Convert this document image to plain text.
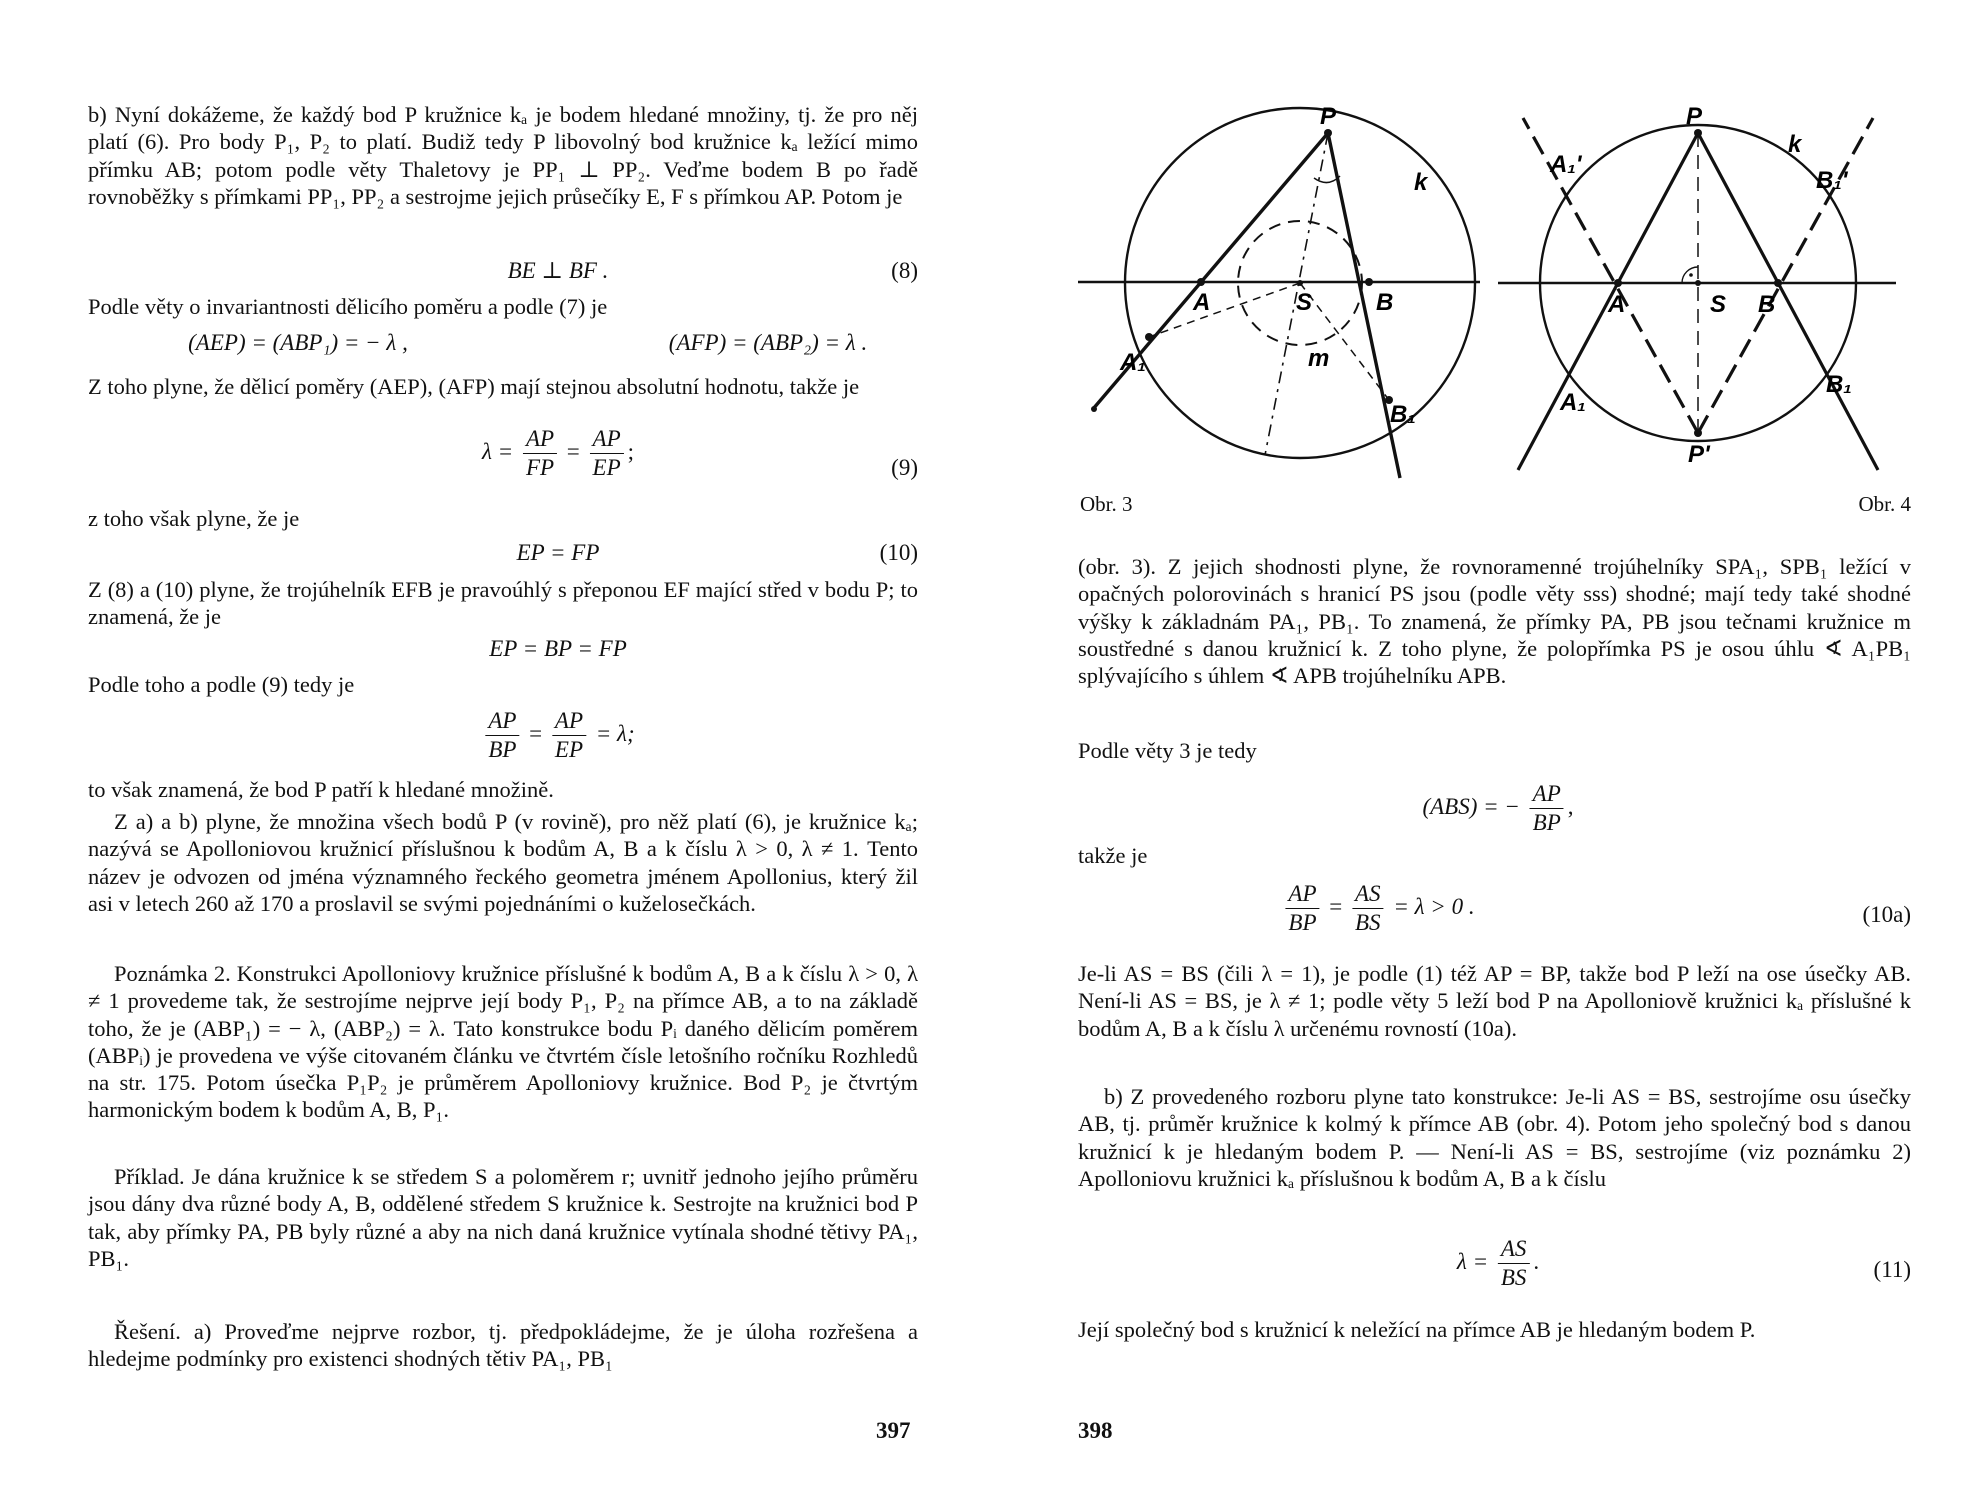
b) Nyní dokážeme, že každý bod P kružnice kₐ je bodem hledané množiny, tj. že pro něj platí (6). Pro body P₁, P₂ to platí. Budiž tedy P libovolný bod kružnice kₐ ležící mimo přímku AB; potom podle věty Thaletovy je PP₁ ⊥ PP₂. Veďme bodem B po řadě rovnoběžky s přímkami PP₁, PP₂ a sestrojme jejich průsečíky E, F s přímkou AP. Potom je

BE ⊥ BF .	(8)

Podle věty o invariantnosti dělicího poměru a podle (7) je

(AEP) = (ABP₁) = − λ ,	(AFP) = (ABP₂) = λ .

Z toho plyne, že dělicí poměry (AEP), (AFP) mají stejnou absolutní hodnotu, takže je

$\lambda = \frac{AP}{FP} = \frac{AP}{EP}$ ;
(9)

z toho však plyne, že je

EP = FP	(10)

Z (8) a (10) plyne, že trojúhelník EFB je pravoúhlý s přeponou EF mající střed v bodu P; to znamená, že je

EP = BP = FP

Podle toho a podle (9) tedy je

$\frac{AP}{BP} = \frac{AP}{EP} = \lambda$;

to však znamená, že bod P patří k hledané množině.

Z a) a b) plyne, že množina všech bodů P (v rovině), pro něž platí (6), je kružnice kₐ; nazývá se Apolloniovou kružnicí příslušnou k bodům A, B a k číslu λ > 0, λ ≠ 1. Tento název je odvozen od jména významného řeckého geometra jménem Apollonius, který žil asi v letech 260 až 170 a proslavil se svými pojednáními o kuželosečkách.

Poznámka 2. Konstrukci Apolloniovy kružnice příslušné k bodům A, B a k číslu λ > 0, λ ≠ 1 provedeme tak, že sestrojíme nejprve její body P₁, P₂ na přímce AB, a to na základě toho, že je (ABP₁) = − λ, (ABP₂) = λ. Tato konstrukce bodu Pᵢ daného dělicím poměrem (ABPᵢ) je provedena ve výše citovaném článku ve čtvrtém čísle letošního ročníku Rozhledů na str. 175. Potom úsečka P₁P₂ je průměrem Apolloniovy kružnice. Bod P₂ je čtvrtým harmonickým bodem k bodům A, B, P₁.

Příklad. Je dána kružnice k se středem S a poloměrem r; uvnitř jednoho jejího průměru jsou dány dva různé body A, B, oddělené středem S kružnice k. Sestrojte na kružnici bod P tak, aby přímky PA, PB byly různé a aby na nich daná kružnice vytínala shodné tětivy PA₁, PB₁.

Řešení. a) Proveďme nejprve rozbor, tj. předpokládejme, že je úloha rozřešena a hledejme podmínky pro existenci shodných tětiv PA₁, PB₁

397
P
k
A	S	B
A₁
B₁
m
Obr. 3
P
k
A₁'
B₁'
A	S B
A₁
B₁
P'
Obr. 4

(obr. 3). Z jejich shodnosti plyne, že rovnoramenné trojúhelníky SPA₁, SPB₁ ležící v opačných polorovinách s hranicí PS jsou (podle věty sss) shodné; mají tedy také shodné výšky k základnám PA₁, PB₁. To znamená, že přímky PA, PB jsou tečnami kružnice m soustředné s danou kružnicí k. Z toho plyne, že polopřímka PS je osou úhlu ∢ A₁PB₁ splývajícího s úhlem ∢ APB trojúhelníku APB.

Podle věty 3 je tedy

(ABS) = − $\frac{AP}{BP}$ ,

takže je

$\frac{AP}{BP} = \frac{AS}{BS} = \lambda > 0$ .	(10a)

Je-li AS = BS (čili λ = 1), je podle (1) též AP = BP, takže bod P leží na ose úsečky AB. Není-li AS = BS, je λ ≠ 1; podle věty 5 leží bod P na Apolloniově kružnici kₐ příslušné k bodům A, B a k číslu λ určenému rovností (10a).

b) Z provedeného rozboru plyne tato konstrukce: Je-li AS = BS, sestrojíme osu úsečky AB, tj. průměr kružnice k kolmý k přímce AB (obr. 4). Potom jeho společný bod s danou kružnicí k je hledaným bodem P. — Není-li AS = BS, sestrojíme (viz poznámku 2) Apolloniovu kružnici kₐ příslušnou k bodům A, B a k číslu

$\lambda = \frac{AS}{BS}$ .	(11)

Její společný bod s kružnicí k neležící na přímce AB je hledaným bodem P.

398
